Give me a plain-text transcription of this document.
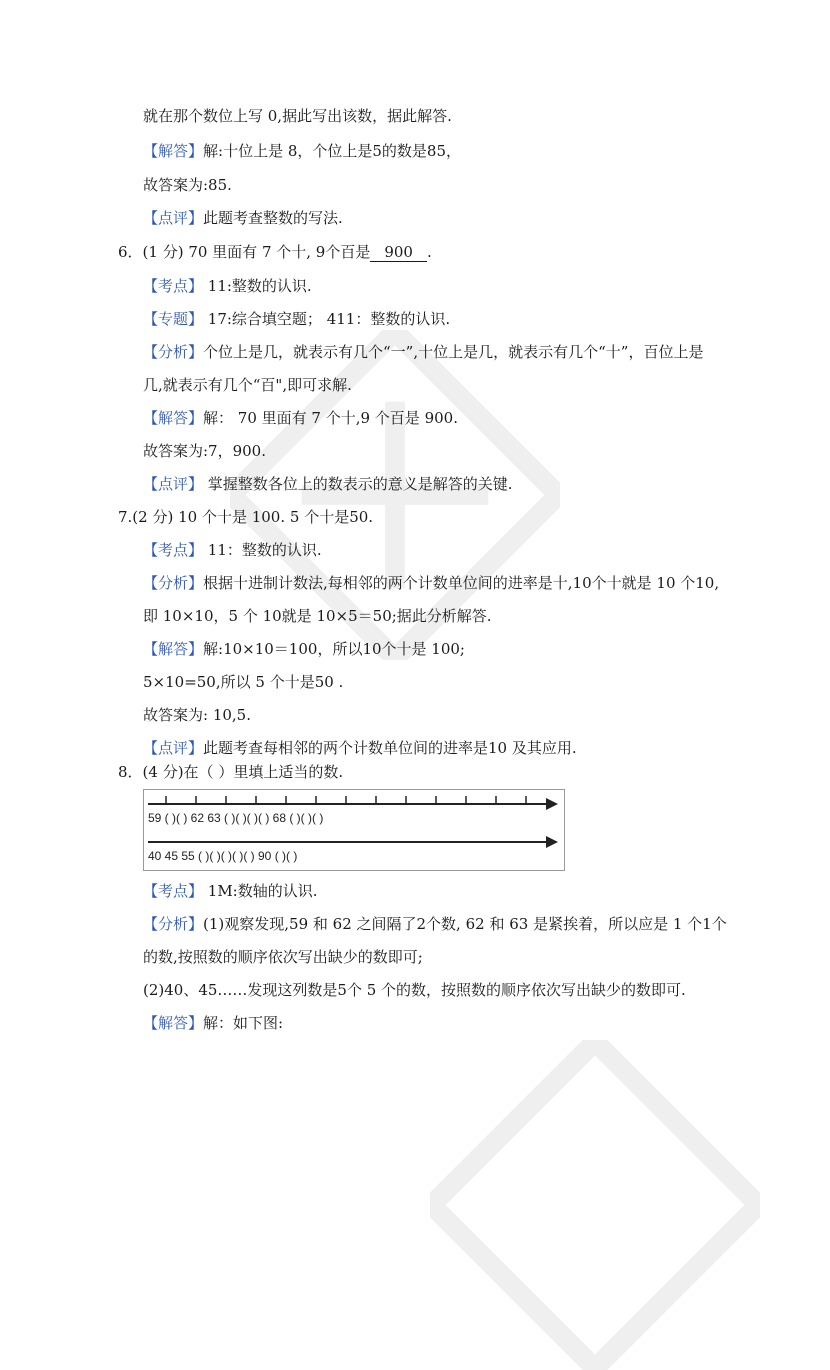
就在那个数位上写 0,据此写出该数，据此解答.
【解答】解:十位上是 8，个位上是5的数是85，
故答案为:85.
【点评】此题考查整数的写法.
6．(1 分) 70 里面有 7 个十, 9个百是 900 .
【考点】 11:整数的认识.
【专题】 17:综合填空题； 411：整数的认识.
【分析】个位上是几，就表示有几个“一”,十位上是几，就表示有几个“十”，百位上是
几,就表示有几个“百",即可求解.
【解答】解： 70 里面有 7 个十,9 个百是 900.
故答案为:7，900.
【点评】 掌握整数各位上的数表示的意义是解答的关键.
7.(2 分) 10 个十是 100. 5 个十是50.
【考点】 11：整数的认识.
【分析】根据十进制计数法,每相邻的两个计数单位间的进率是十,10个十就是 10 个10,
即 10×10，5 个 10就是 10×5＝50;据此分析解答.
【解答】解:10×10＝100，所以10个十是 100;
5×10=50,所以 5 个十是50 .
故答案为: 10,5.
【点评】此题考查每相邻的两个计数单位间的进率是10 及其应用.
8．(4 分)在（ ）里填上适当的数.
59 ( )( ) 62 63 ( )( )( )( ) 68 ( )( )( )
40 45 55 ( )( )( )( )( ) 90 ( )( )
【考点】 1M:数轴的认识.
【分析】(1)观察发现,59 和 62 之间隔了2个数, 62 和 63 是紧挨着，所以应是 1 个1个
的数,按照数的顺序依次写出缺少的数即可;
(2)40、45……发现这列数是5个 5 个的数，按照数的顺序依次写出缺少的数即可.
【解答】解：如下图:
